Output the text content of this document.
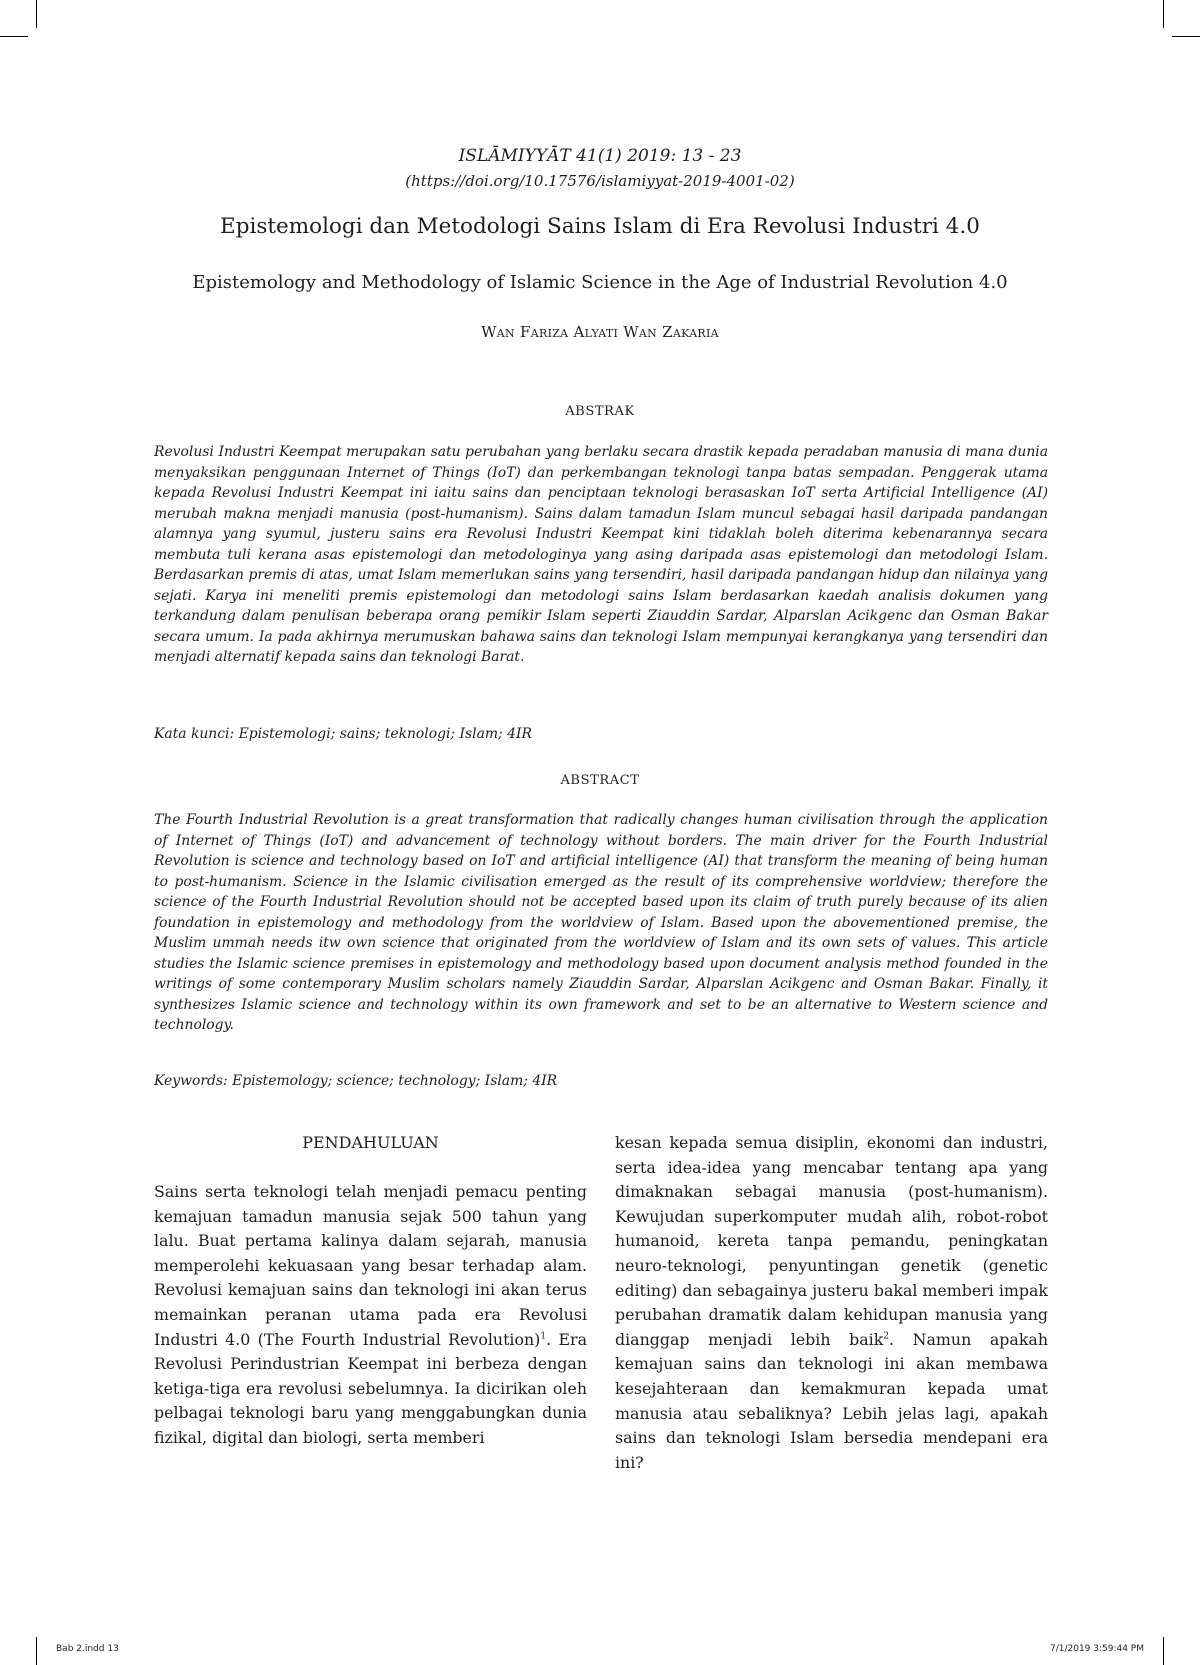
ISLĀMIYYĀT 41(1) 2019: 13 - 23
(https://doi.org/10.17576/islamiyyat-2019-4001-02)
Epistemologi dan Metodologi Sains Islam di Era Revolusi Industri 4.0
Epistemology and Methodology of Islamic Science in the Age of Industrial Revolution 4.0
Wan Fariza Alyati Wan Zakaria
ABSTRAK

Revolusi Industri Keempat merupakan satu perubahan yang berlaku secara drastik kepada peradaban manusia di mana dunia menyaksikan penggunaan Internet of Things (IoT) dan perkembangan teknologi tanpa batas sempadan. Penggerak utama kepada Revolusi Industri Keempat ini iaitu sains dan penciptaan teknologi berasaskan IoT serta Artificial Intelligence (AI) merubah makna menjadi manusia (post-humanism). Sains dalam tamadun Islam muncul sebagai hasil daripada pandangan alamnya yang syumul, justeru sains era Revolusi Industri Keempat kini tidaklah boleh diterima kebenarannya secara membuta tuli kerana asas epistemologi dan metodologinya yang asing daripada asas epistemologi dan metodologi Islam. Berdasarkan premis di atas, umat Islam memerlukan sains yang tersendiri, hasil daripada pandangan hidup dan nilainya yang sejati. Karya ini meneliti premis epistemologi dan metodologi sains Islam berdasarkan kaedah analisis dokumen yang terkandung dalam penulisan beberapa orang pemikir Islam seperti Ziauddin Sardar, Alparslan Acikgenc dan Osman Bakar secara umum. Ia pada akhirnya merumuskan bahawa sains dan teknologi Islam mempunyai kerangkanya yang tersendiri dan menjadi alternatif kepada sains dan teknologi Barat.

Kata kunci: Epistemologi; sains; teknologi; Islam; 4IR

ABSTRACT

The Fourth Industrial Revolution is a great transformation that radically changes human civilisation through the application of Internet of Things (IoT) and advancement of technology without borders. The main driver for the Fourth Industrial Revolution is science and technology based on IoT and artificial intelligence (AI) that transform the meaning of being human to post-humanism. Science in the Islamic civilisation emerged as the result of its comprehensive worldview; therefore the science of the Fourth Industrial Revolution should not be accepted based upon its claim of truth purely because of its alien foundation in epistemology and methodology from the worldview of Islam. Based upon the abovementioned premise, the Muslim ummah needs itw own science that originated from the worldview of Islam and its own sets of values. This article studies the Islamic science premises in epistemology and methodology based upon document analysis method founded in the writings of some contemporary Muslim scholars namely Ziauddin Sardar, Alparslan Acikgenc and Osman Bakar. Finally, it synthesizes Islamic science and technology within its own framework and set to be an alternative to Western science and technology.

Keywords: Epistemology; science; technology; Islam; 4IR

PENDAHULUAN

Sains serta teknologi telah menjadi pemacu penting kemajuan tamadun manusia sejak 500 tahun yang lalu. Buat pertama kalinya dalam sejarah, manusia memperolehi kekuasaan yang besar terhadap alam. Revolusi kemajuan sains dan teknologi ini akan terus memainkan peranan utama pada era Revolusi Industri 4.0 (The Fourth Industrial Revolution)$^1$. Era Revolusi Perindustrian Keempat ini berbeza dengan ketiga-tiga era revolusi sebelumnya. Ia dicirikan oleh pelbagai teknologi baru yang menggabungkan dunia fizikal, digital dan biologi, serta memberi

kesan kepada semua disiplin, ekonomi dan industri, serta idea-idea yang mencabar tentang apa yang dimaknakan sebagai manusia (post-humanism). Kewujudan superkomputer mudah alih, robot-robot humanoid, kereta tanpa pemandu, peningkatan neuro-teknologi, penyuntingan genetik (genetic editing) dan sebagainya justeru bakal memberi impak perubahan dramatik dalam kehidupan manusia yang dianggap menjadi lebih baik$^2$. Namun apakah kemajuan sains dan teknologi ini akan membawa kesejahteraan dan kemakmuran kepada umat manusia atau sebaliknya? Lebih jelas lagi, apakah sains dan teknologi Islam bersedia mendepani era ini?

Bab 2.indd 13	7/1/2019 3:59:44 PM
